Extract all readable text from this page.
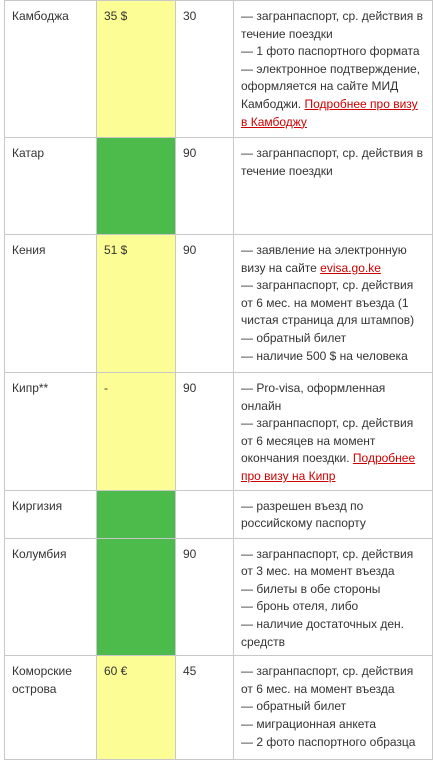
Камбоджа	35 $	30	— загранпаспорт, ср. действия в течение поездки
— 1 фото паспортного формата
— электронное подтверждение, оформляется на сайте МИД Камбоджи. Подробнее про визу в Камбоджу

Катар		90	— загранпаспорт, ср. действия в течение поездки

Кения	51 $	90	— заявление на электронную визу на сайте evisa.go.ke
— загранпаспорт, ср. действия от 6 мес. на момент въезда (1 чистая страница для штампов)
— обратный билет
— наличие 500 $ на человека

Кипр**	-	90	— Pro-visa, оформленная онлайн
— загранпаспорт, ср. действия от 6 месяцев на момент окончания поездки. Подробнее про визу на Кипр

Киргизия			— разрешен въезд по российскому паспорту

Колумбия		90	— загранпаспорт, ср. действия от 3 мес. на момент въезда
— билеты в обе стороны
— бронь отеля, либо
— наличие достаточных ден. средств

Коморские острова	60 €	45	— загранпаспорт, ср. действия от 6 мес. на момент въезда
— обратный билет
— миграционная анкета
— 2 фото паспортного образца
